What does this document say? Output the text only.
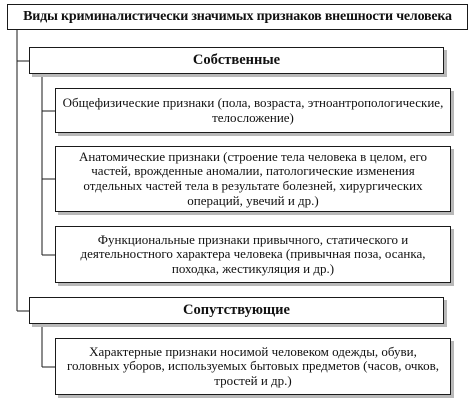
Виды криминалистически значимых признаков внешности человека
Собственные
Общефизические признаки (пола, возраста, этноантропологические, телосложение)
Анатомические признаки (строение тела человека в целом, его частей, врожденные аномалии, патологические изменения отдельных частей тела в результате болезней, хирургических операций, увечий и др.)
Функциональные признаки привычного, статического и деятельностного характера человека (привычная поза, осанка, походка, жестикуляция и др.)
Сопутствующие
Характерные признаки носимой человеком одежды, обуви, головных уборов, используемых бытовых предметов (часов, очков, тростей и др.)
